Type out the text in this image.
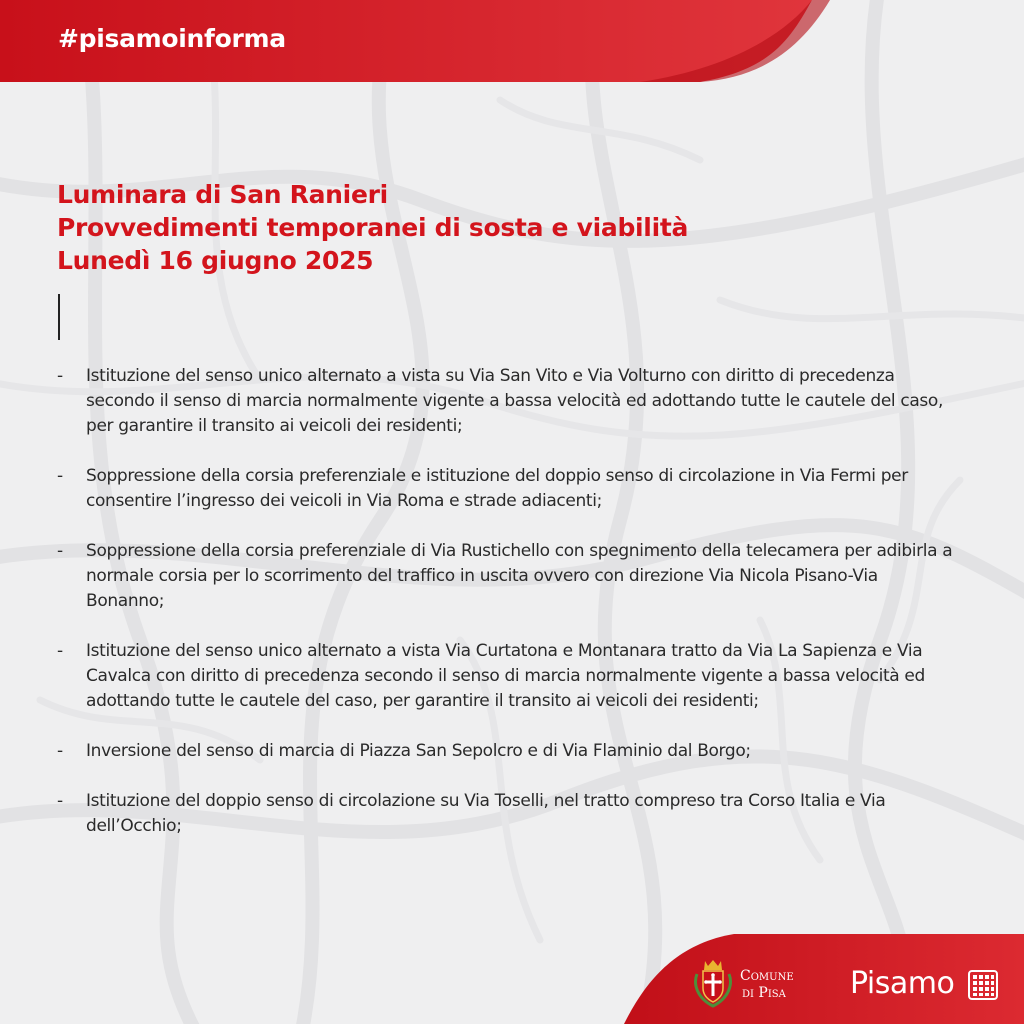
#pisamoinforma
Luminara di San Ranieri
Provvedimenti temporanei di sosta e viabilità
Lunedì 16 giugno 2025
- Istituzione del senso unico alternato a vista su Via San Vito e Via Volturno con diritto di precedenza secondo il senso di marcia normalmente vigente a bassa velocità ed adottando tutte le cautele del caso, per garantire il transito ai veicoli dei residenti;
- Soppressione della corsia preferenziale e istituzione del doppio senso di circolazione in Via Fermi per consentire l’ingresso dei veicoli in Via Roma e strade adiacenti;
- Soppressione della corsia preferenziale di Via Rustichello con spegnimento della telecamera per adibirla a normale corsia per lo scorrimento del traffico in uscita ovvero con direzione Via Nicola Pisano-Via Bonanno;
- Istituzione del senso unico alternato a vista Via Curtatona e Montanara tratto da Via La Sapienza e Via Cavalca con diritto di precedenza secondo il senso di marcia normalmente vigente a bassa velocità ed adottando tutte le cautele del caso, per garantire il transito ai veicoli dei residenti;
- Inversione del senso di marcia di Piazza San Sepolcro e di Via Flaminio dal Borgo;
- Istituzione del doppio senso di circolazione su Via Toselli, nel tratto compreso tra Corso Italia e Via dell’Occhio;
Comune
di Pisa	Pisamo
